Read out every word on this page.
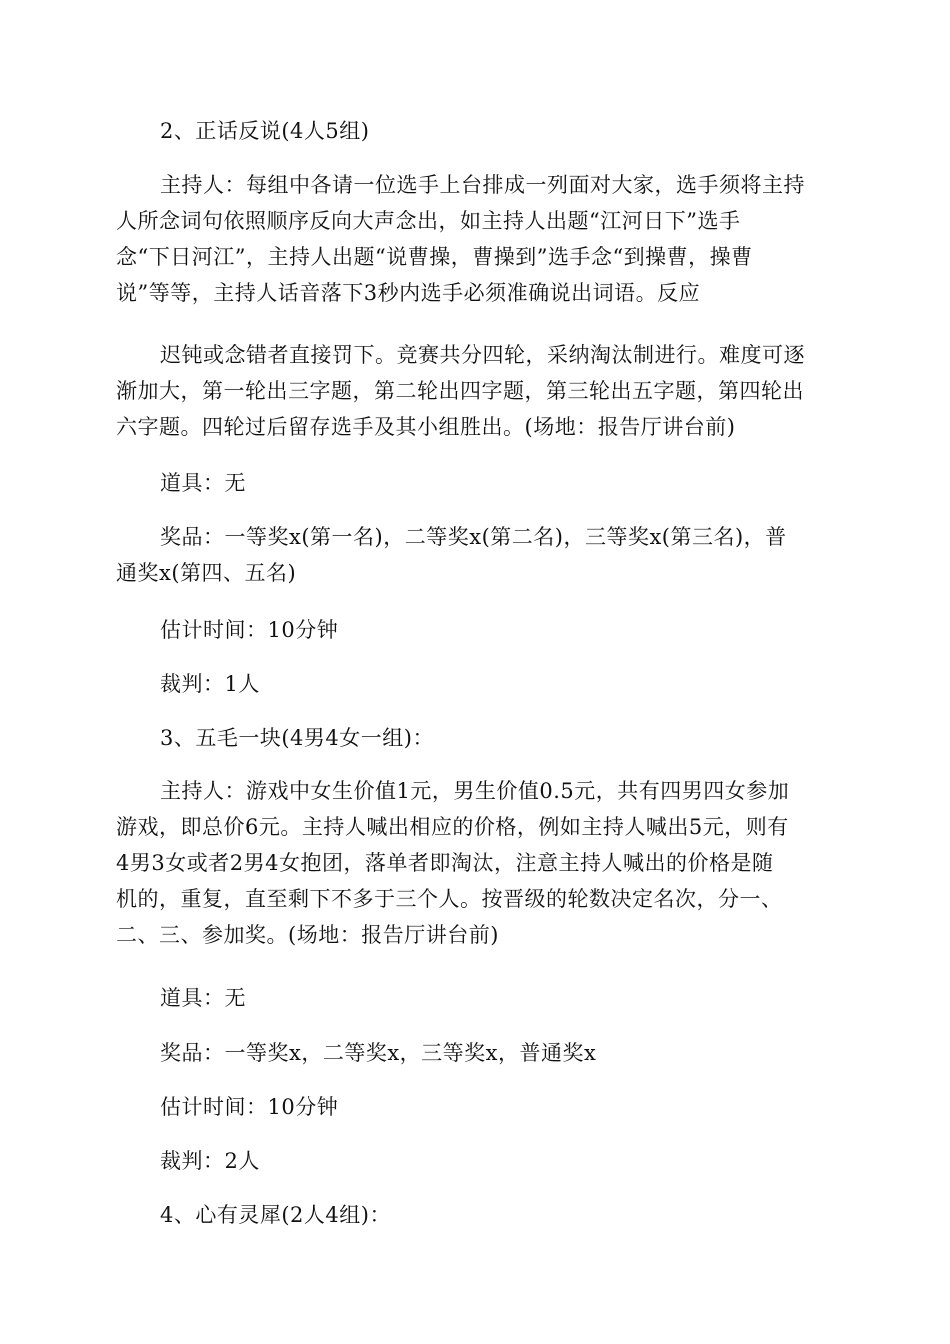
2、正话反说(4人5组)

主持人：每组中各请一位选手上台排成一列面对大家，选手须将主持
人所念词句依照顺序反向大声念出，如主持人出题“江河日下”选手
念“下日河江”，主持人出题“说曹操，曹操到”选手念“到操曹，操曹
说”等等，主持人话音落下3秒内选手必须准确说出词语。反应

迟钝或念错者直接罚下。竞赛共分四轮，采纳淘汰制进行。难度可逐
渐加大，第一轮出三字题，第二轮出四字题，第三轮出五字题，第四轮出
六字题。四轮过后留存选手及其小组胜出。(场地：报告厅讲台前)

道具：无

奖品：一等奖x(第一名)，二等奖x(第二名)，三等奖x(第三名)，普
通奖x(第四、五名)

估计时间：10分钟

裁判：1人

3、五毛一块(4男4女一组)：

主持人：游戏中女生价值1元，男生价值0.5元，共有四男四女参加
游戏，即总价6元。主持人喊出相应的价格，例如主持人喊出5元，则有
4男3女或者2男4女抱团，落单者即淘汰，注意主持人喊出的价格是随
机的，重复，直至剩下不多于三个人。按晋级的轮数决定名次，分一、
二、三、参加奖。(场地：报告厅讲台前)

道具：无

奖品：一等奖x，二等奖x，三等奖x，普通奖x

估计时间：10分钟

裁判：2人

4、心有灵犀(2人4组)：
